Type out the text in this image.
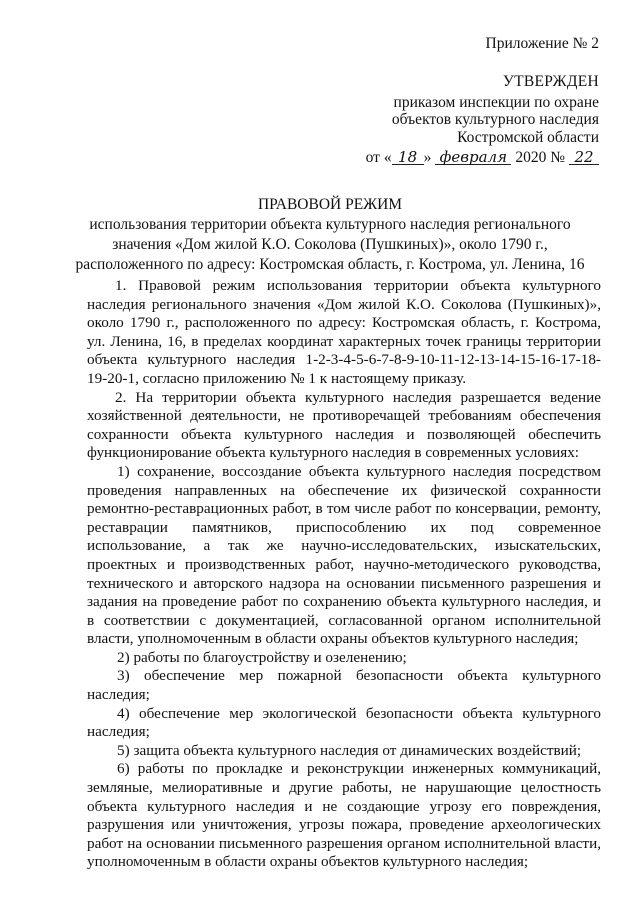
Приложение № 2
УТВЕРЖДЕН
приказом инспекции по охране
объектов культурного наследия
Костромской области
от « 18 » февраля 2020 № 22
ПРАВОВОЙ РЕЖИМ
использования территории объекта культурного наследия регионального
значения «Дом жилой К.О. Соколова (Пушкиных)», около 1790 г.,
расположенного по адресу: Костромская область, г. Кострома, ул. Ленина, 16

1. Правовой режим использования территории объекта культурного наследия регионального значения «Дом жилой К.О. Соколова (Пушкиных)», около 1790 г., расположенного по адресу: Костромская область, г. Кострома, ул. Ленина, 16, в пределах координат характерных точек границы территории объекта культурного наследия 1-2-3-4-5-6-7-8-9-10-11-12-13-14-15-16-17-18-19-20-1, согласно приложению № 1 к настоящему приказу.

2. На территории объекта культурного наследия разрешается ведение хозяйственной деятельности, не противоречащей требованиям обеспечения сохранности объекта культурного наследия и позволяющей обеспечить функционирование объекта культурного наследия в современных условиях:

1) сохранение, воссоздание объекта культурного наследия посредством проведения направленных на обеспечение их физической сохранности ремонтно-реставрационных работ, в том числе работ по консервации, ремонту, реставрации памятников, приспособлению их под современное использование, а так же научно-исследовательских, изыскательских, проектных и производственных работ, научно-методического руководства, технического и авторского надзора на основании письменного разрешения и задания на проведение работ по сохранению объекта культурного наследия, и в соответствии с документацией, согласованной органом исполнительной власти, уполномоченным в области охраны объектов культурного наследия;

2) работы по благоустройству и озеленению;

3) обеспечение мер пожарной безопасности объекта культурного наследия;

4) обеспечение мер экологической безопасности объекта культурного наследия;

5) защита объекта культурного наследия от динамических воздействий;

6) работы по прокладке и реконструкции инженерных коммуникаций, земляные, мелиоративные и другие работы, не нарушающие целостность объекта культурного наследия и не создающие угрозу его повреждения, разрушения или уничтожения, угрозы пожара, проведение археологических работ на основании письменного разрешения органом исполнительной власти, уполномоченным в области охраны объектов культурного наследия;
